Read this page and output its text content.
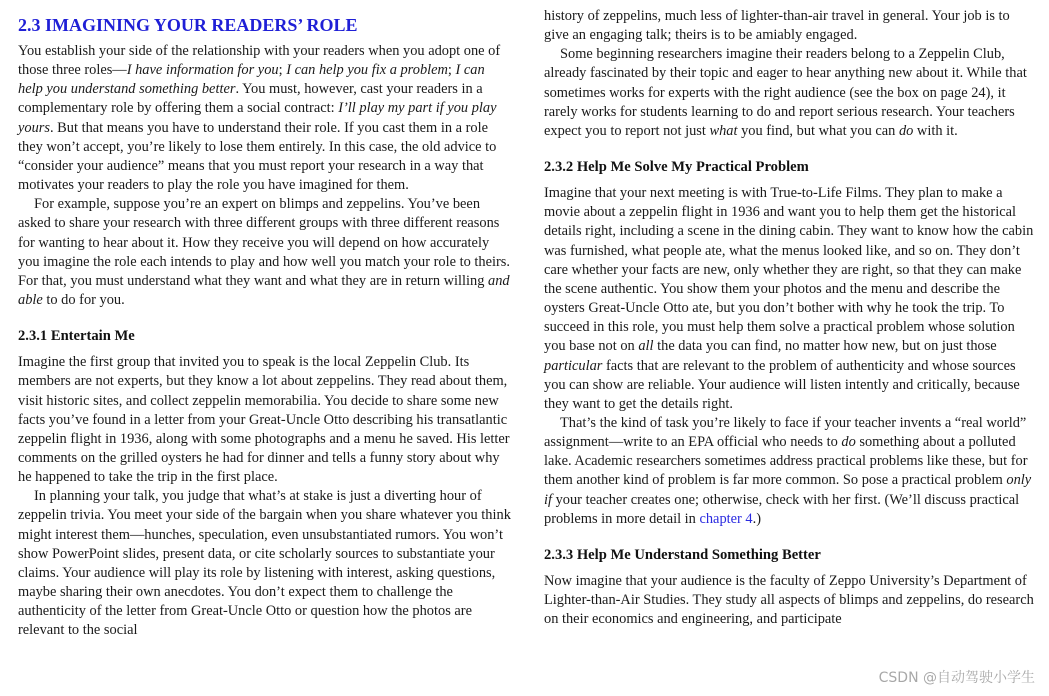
2.3 IMAGINING YOUR READERS’ ROLE

You establish your side of the relationship with your readers when you adopt one of those three roles—I have information for you; I can help you fix a problem; I can help you understand something better. You must, however, cast your readers in a complementary role by offering them a social contract: I’ll play my part if you play yours. But that means you have to understand their role. If you cast them in a role they won’t accept, you’re likely to lose them entirely. In this case, the old advice to “consider your audience” means that you must report your research in a way that motivates your readers to play the role you have imagined for them.

For example, suppose you’re an expert on blimps and zeppelins. You’ve been asked to share your research with three different groups with three different reasons for wanting to hear about it. How they receive you will depend on how accurately you imagine the role each intends to play and how well you match your role to theirs. For that, you must understand what they want and what they are in return willing and able to do for you.

2.3.1 Entertain Me

Imagine the first group that invited you to speak is the local Zeppelin Club. Its members are not experts, but they know a lot about zeppelins. They read about them, visit historic sites, and collect zeppelin memorabilia. You decide to share some new facts you’ve found in a letter from your Great-Uncle Otto describing his transatlantic zeppelin flight in 1936, along with some photographs and a menu he saved. His letter comments on the grilled oysters he had for dinner and tells a funny story about why he happened to take the trip in the first place.

In planning your talk, you judge that what’s at stake is just a diverting hour of zeppelin trivia. You meet your side of the bargain when you share whatever you think might interest them—hunches, speculation, even unsubstantiated rumors. You won’t show PowerPoint slides, present data, or cite scholarly sources to substantiate your claims. Your audience will play its role by listening with interest, asking questions, maybe sharing their own anecdotes. You don’t expect them to challenge the authenticity of the letter from Great-Uncle Otto or question how the photos are relevant to the social

history of zeppelins, much less of lighter-than-air travel in general. Your job is to give an engaging talk; theirs is to be amiably engaged.

Some beginning researchers imagine their readers belong to a Zeppelin Club, already fascinated by their topic and eager to hear anything new about it. While that sometimes works for experts with the right audience (see the box on page 24), it rarely works for students learning to do and report serious research. Your teachers expect you to report not just what you find, but what you can do with it.

2.3.2 Help Me Solve My Practical Problem

Imagine that your next meeting is with True-to-Life Films. They plan to make a movie about a zeppelin flight in 1936 and want you to help them get the historical details right, including a scene in the dining cabin. They want to know how the cabin was furnished, what people ate, what the menus looked like, and so on. They don’t care whether your facts are new, only whether they are right, so that they can make the scene authentic. You show them your photos and the menu and describe the oysters Great-Uncle Otto ate, but you don’t bother with why he took the trip. To succeed in this role, you must help them solve a practical problem whose solution you base not on all the data you can find, no matter how new, but on just those particular facts that are relevant to the problem of authenticity and whose sources you can show are reliable. Your audience will listen intently and critically, because they want to get the details right.

That’s the kind of task you’re likely to face if your teacher invents a “real world” assignment—write to an EPA official who needs to do something about a polluted lake. Academic researchers sometimes address practical problems like these, but for them another kind of problem is far more common. So pose a practical problem only if your teacher creates one; otherwise, check with her first. (We’ll discuss practical problems in more detail in chapter 4.)

2.3.3 Help Me Understand Something Better

Now imagine that your audience is the faculty of Zeppo University’s Department of Lighter-than-Air Studies. They study all aspects of blimps and zeppelins, do research on their economics and engineering, and participate

CSDN @自动驾驶小学生
